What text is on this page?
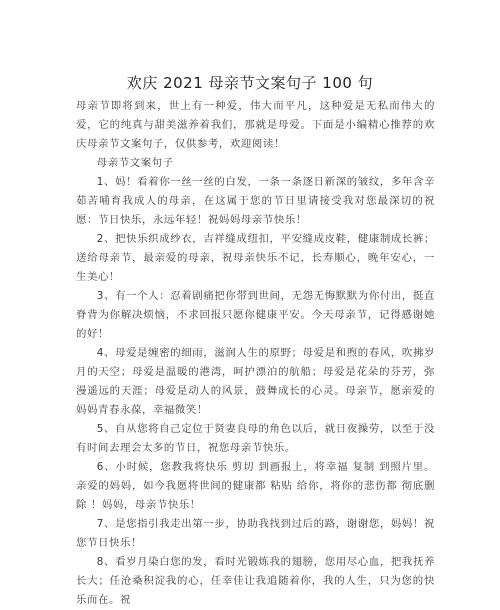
欢庆 2021 母亲节文案句子 100 句

母亲节即将到来，世上有一种爱，伟大而平凡，这种爱是无私而伟大的爱，它的纯真与甜美滋养着我们，那就是母爱。下面是小编精心推荐的欢庆母亲节文案句子，仅供参考，欢迎阅读！

母亲节文案句子

1、妈！看着你一丝一丝的白发，一条一条逐日新深的皱纹，多年含辛茹苦哺育我成人的母亲，在这属于您的节日里请接受我对您最深切的祝愿：节日快乐，永远年轻！祝妈妈母亲节快乐！

2、把快乐织成纱衣，吉祥缝成纽扣，平安缝成皮鞋，健康制成长裤；送给母亲节，最亲爱的母亲，祝母亲快乐不记，长寿顺心，晚年安心，一生美心！

3、有一个人：忍着剧痛把你带到世间，无怨无悔默默为你付出，挺直脊背为你解决烦恼，不求回报只愿你健康平安。今天母亲节，记得感谢她的好！

4、母爱是缠密的细雨，滋润人生的原野；母爱是和煦的春风，吹拂岁月的天空；母爱是温暖的港湾，呵护漂泊的航船；母爱是花朵的芬芳，弥漫遥远的天涯；母爱是动人的风景，鼓舞成长的心灵。母亲节，愿亲爱的妈妈青春永葆，幸福微笑！

5、自从您将自己定位于贤妻良母的角色以后，就日夜操劳，以至于没有时间去理会太多的节日，祝您母亲节快乐。

6、小时候，您教我将快乐 剪切 到画报上，将幸福 复制 到照片里。亲爱的妈妈，如今我愿将世间的健康都 粘贴 给你，将你的悲伤都 彻底删除 ！妈妈，母亲节快乐！

7、是您指引我走出第一步，协助我找到过后的路，谢谢您，妈妈！祝您节日快乐！

8、看岁月染白您的发，看时光锻炼我的翅膀，您用尽心血，把我抚养长大；任沧桑积淀我的心，任幸佳让我追随着你，我的人生，只为您的快乐而在。祝
